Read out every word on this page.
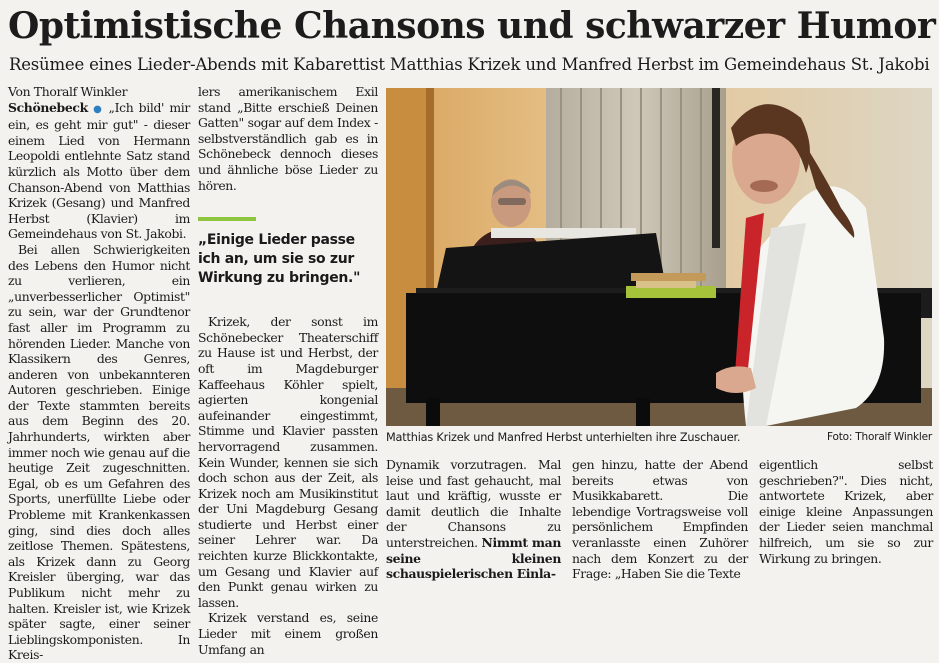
Optimistische Chansons und schwarzer Humor
Resümee eines Lieder-Abends mit Kabarettist Matthias Krizek und Manfred Herbst im Gemeindehaus St. Jakobi
Von Thoralf Winkler

Schönebeck ● „Ich bild' mir ein, es geht mir gut" - dieser einem Lied von Hermann Leopoldi entlehnte Satz stand kürzlich als Motto über dem Chanson-Abend von Matthias Krizek (Gesang) und Manfred Herbst (Klavier) im Gemeindehaus von St. Jakobi.

Bei allen Schwierigkeiten des Lebens den Humor nicht zu verlieren, ein „unverbesserlicher Optimist" zu sein, war der Grundtenor fast aller im Programm zu hörenden Lieder. Manche von Klassikern des Genres, anderen von unbekannteren Autoren geschrieben. Einige der Texte stammten bereits aus dem Beginn des 20. Jahrhunderts, wirkten aber immer noch wie genau auf die heutige Zeit zugeschnitten. Egal, ob es um Gefahren des Sports, unerfüllte Liebe oder Probleme mit Krankenkassen ging, sind dies doch alles zeitlose Themen. Spätestens, als Krizek dann zu Georg Kreisler überging, war das Publikum nicht mehr zu halten. Kreisler ist, wie Krizek später sagte, einer seiner Lieblingskomponisten. In Kreis-

lers amerikanischem Exil stand „Bitte erschieß Deinen Gatten" sogar auf dem Index - selbstverständlich gab es in Schönebeck dennoch dieses und ähnliche böse Lieder zu hören.

„Einige Lieder passe ich an, um sie so zur Wirkung zu bringen."

Krizek, der sonst im Schönebecker Theaterschiff zu Hause ist und Herbst, der oft im Magdeburger Kaffeehaus Köhler spielt, agierten kongenial aufeinander eingestimmt, Stimme und Klavier passten hervorragend zusammen. Kein Wunder, kennen sie sich doch schon aus der Zeit, als Krizek noch am Musikinstitut der Uni Magdeburg Gesang studierte und Herbst einer seiner Lehrer war. Da reichten kurze Blickkontakte, um Gesang und Klavier auf den Punkt genau wirken zu lassen.

Krizek verstand es, seine Lieder mit einem großen Umfang an

Matthias Krizek und Manfred Herbst unterhielten ihre Zuschauer.	Foto: Thoralf Winkler

Dynamik vorzutragen. Mal leise und fast gehaucht, mal laut und kräftig, wusste er damit deutlich die Inhalte der Chansons zu unterstreichen. Nimmt man seine kleinen schauspielerischen Einla-

gen hinzu, hatte der Abend bereits etwas von Musikkabarett. Die lebendige Vortragsweise voll persönlichem Empfinden veranlasste einen Zuhörer nach dem Konzert zu der Frage: „Haben Sie die Texte

eigentlich selbst geschrieben?". Dies nicht, antwortete Krizek, aber einige kleine Anpassungen der Lieder seien manchmal hilfreich, um sie so zur Wirkung zu bringen.
